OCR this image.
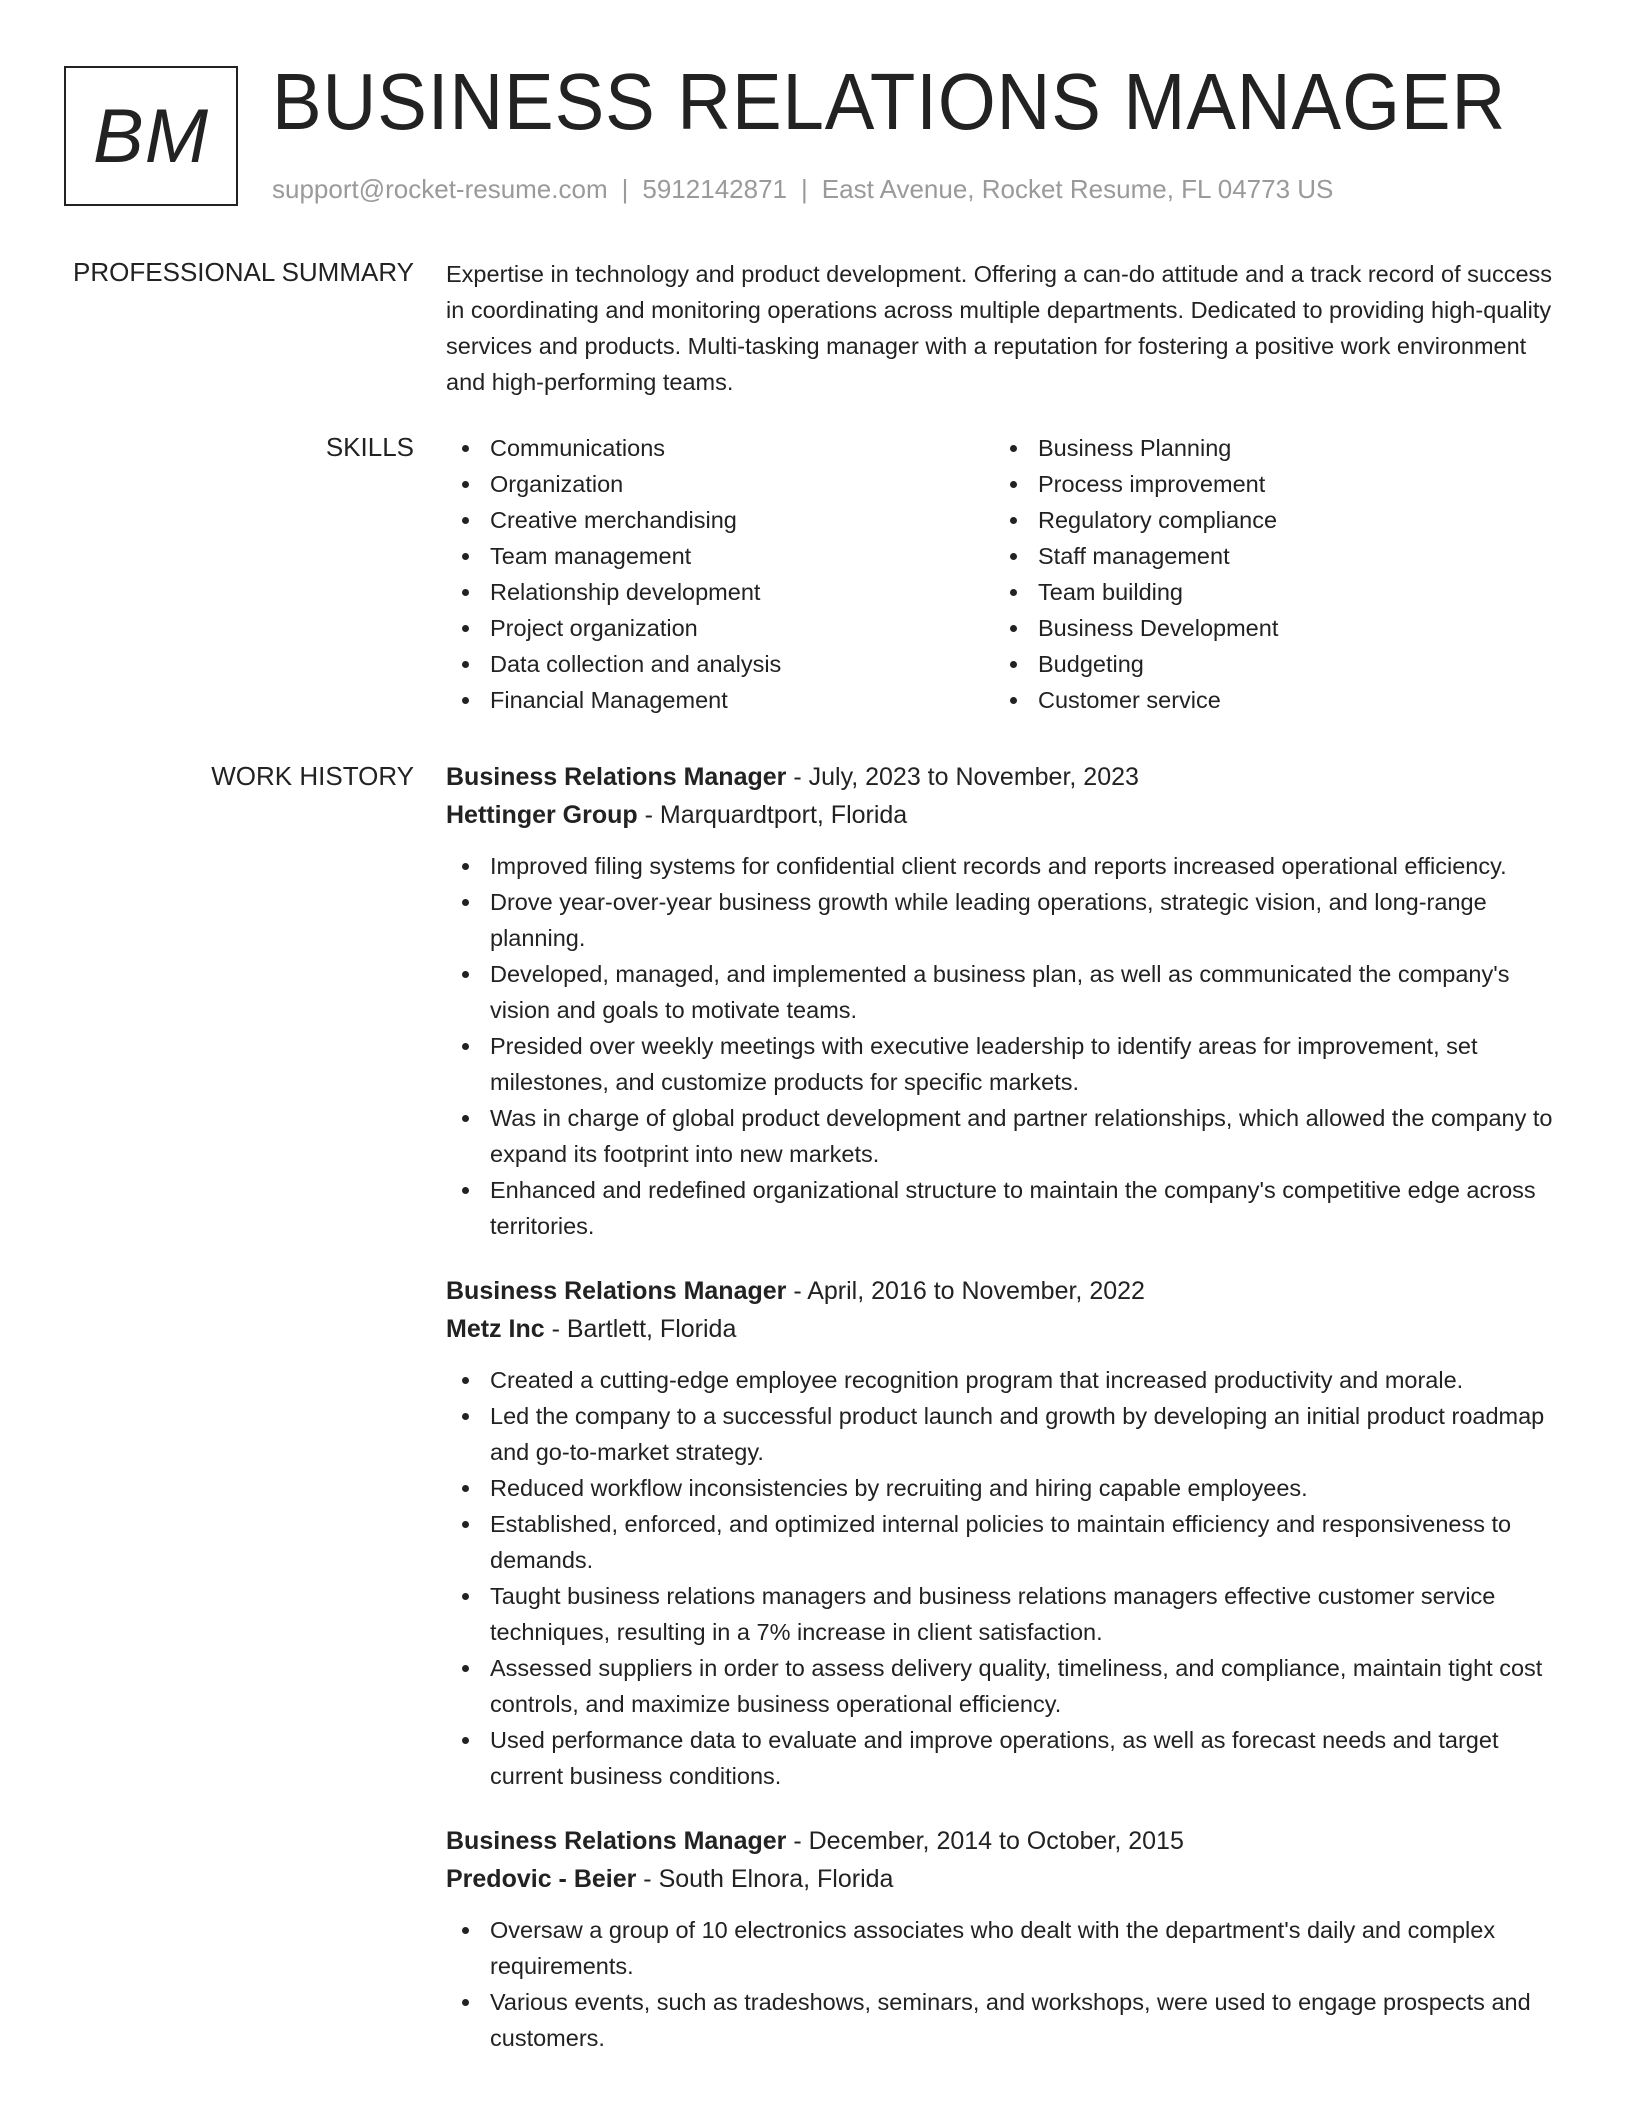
BM BUSINESS RELATIONS MANAGER
support@rocket-resume.com | 5912142871 | East Avenue, Rocket Resume, FL 04773 US
PROFESSIONAL SUMMARY Expertise in technology and product development. Offering a can-do attitude and a track record of success in coordinating and monitoring operations across multiple departments. Dedicated to providing high-quality services and products. Multi-tasking manager with a reputation for fostering a positive work environment and high-performing teams.

SKILLS	Communications
Organization
Creative merchandising
Team management
Relationship development
Project organization
Data collection and analysis
Financial Management
Business Planning
Process improvement
Regulatory compliance
Staff management
Team building
Business Development
Budgeting
Customer service
WORK HISTORY Business Relations Manager - July, 2023 to November, 2023
Hettinger Group - Marquardtport, Florida
Improved filing systems for confidential client records and reports increased operational efficiency.
Drove year-over-year business growth while leading operations, strategic vision, and long-range planning.
Developed, managed, and implemented a business plan, as well as communicated the company's vision and goals to motivate teams.
Presided over weekly meetings with executive leadership to identify areas for improvement, set milestones, and customize products for specific markets.
Was in charge of global product development and partner relationships, which allowed the company to expand its footprint into new markets.
Enhanced and redefined organizational structure to maintain the company's competitive edge across territories.
Business Relations Manager - April, 2016 to November, 2022
Metz Inc - Bartlett, Florida
Created a cutting-edge employee recognition program that increased productivity and morale.
Led the company to a successful product launch and growth by developing an initial product roadmap and go-to-market strategy.
Reduced workflow inconsistencies by recruiting and hiring capable employees.
Established, enforced, and optimized internal policies to maintain efficiency and responsiveness to demands.
Taught business relations managers and business relations managers effective customer service techniques, resulting in a 7% increase in client satisfaction.
Assessed suppliers in order to assess delivery quality, timeliness, and compliance, maintain tight cost controls, and maximize business operational efficiency.
Used performance data to evaluate and improve operations, as well as forecast needs and target current business conditions.
Business Relations Manager - December, 2014 to October, 2015
Predovic - Beier - South Elnora, Florida
Oversaw a group of 10 electronics associates who dealt with the department's daily and complex requirements.
Various events, such as tradeshows, seminars, and workshops, were used to engage prospects and customers.
